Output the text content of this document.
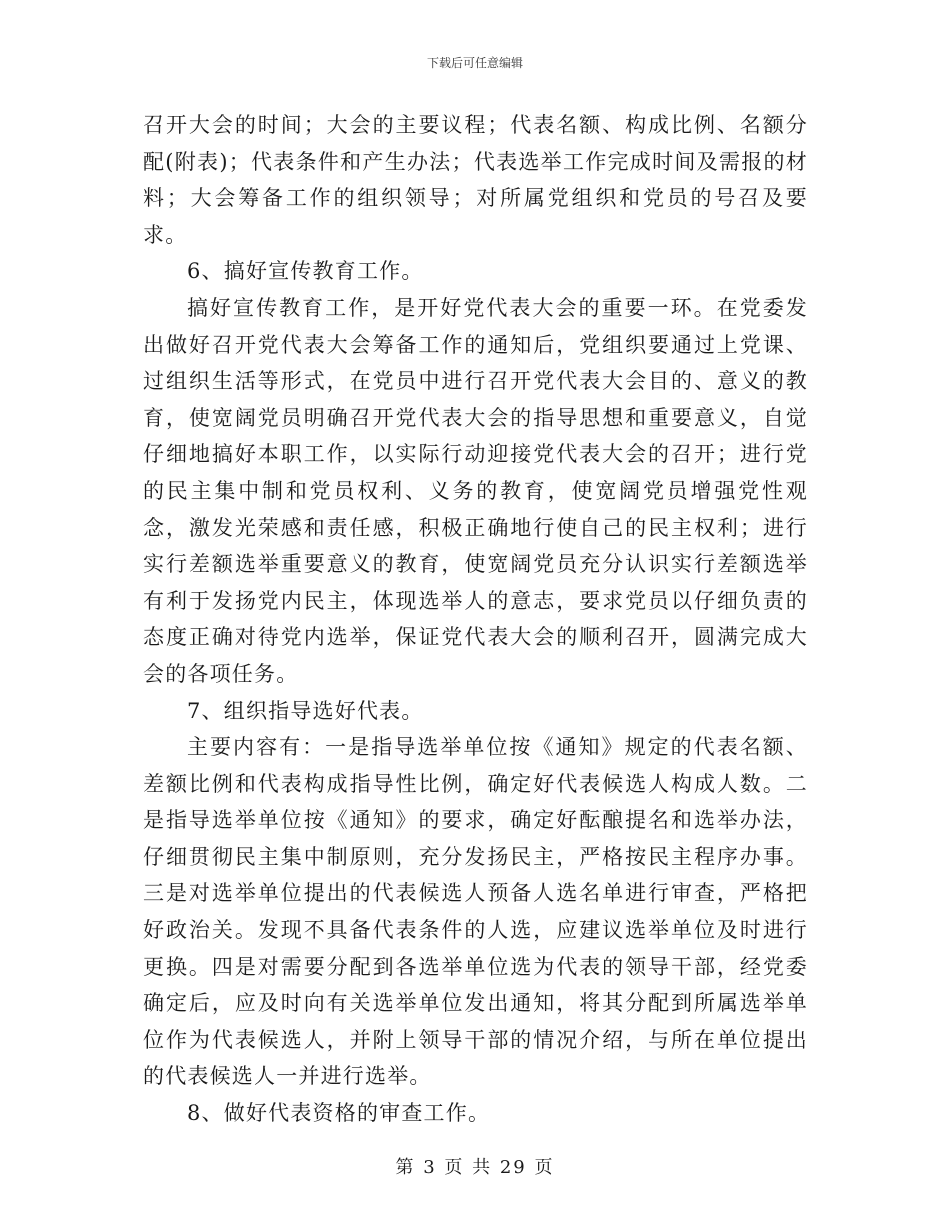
下载后可任意编辑

召开大会的时间；大会的主要议程；代表名额、构成比例、名额分配(附表)；代表条件和产生办法；代表选举工作完成时间及需报的材料；大会筹备工作的组织领导；对所属党组织和党员的号召及要求。

6、搞好宣传教育工作。

搞好宣传教育工作，是开好党代表大会的重要一环。在党委发出做好召开党代表大会筹备工作的通知后，党组织要通过上党课、过组织生活等形式，在党员中进行召开党代表大会目的、意义的教育，使宽阔党员明确召开党代表大会的指导思想和重要意义，自觉仔细地搞好本职工作，以实际行动迎接党代表大会的召开；进行党的民主集中制和党员权利、义务的教育，使宽阔党员增强党性观念，激发光荣感和责任感，积极正确地行使自己的民主权利；进行实行差额选举重要意义的教育，使宽阔党员充分认识实行差额选举有利于发扬党内民主，体现选举人的意志，要求党员以仔细负责的态度正确对待党内选举，保证党代表大会的顺利召开，圆满完成大会的各项任务。

7、组织指导选好代表。

主要内容有：一是指导选举单位按《通知》规定的代表名额、差额比例和代表构成指导性比例，确定好代表候选人构成人数。二是指导选举单位按《通知》的要求，确定好酝酿提名和选举办法，仔细贯彻民主集中制原则，充分发扬民主，严格按民主程序办事。三是对选举单位提出的代表候选人预备人选名单进行审查，严格把好政治关。发现不具备代表条件的人选，应建议选举单位及时进行更换。四是对需要分配到各选举单位选为代表的领导干部，经党委确定后，应及时向有关选举单位发出通知，将其分配到所属选举单位作为代表候选人，并附上领导干部的情况介绍，与所在单位提出的代表候选人一并进行选举。

8、做好代表资格的审查工作。

第 3 页 共 29 页
